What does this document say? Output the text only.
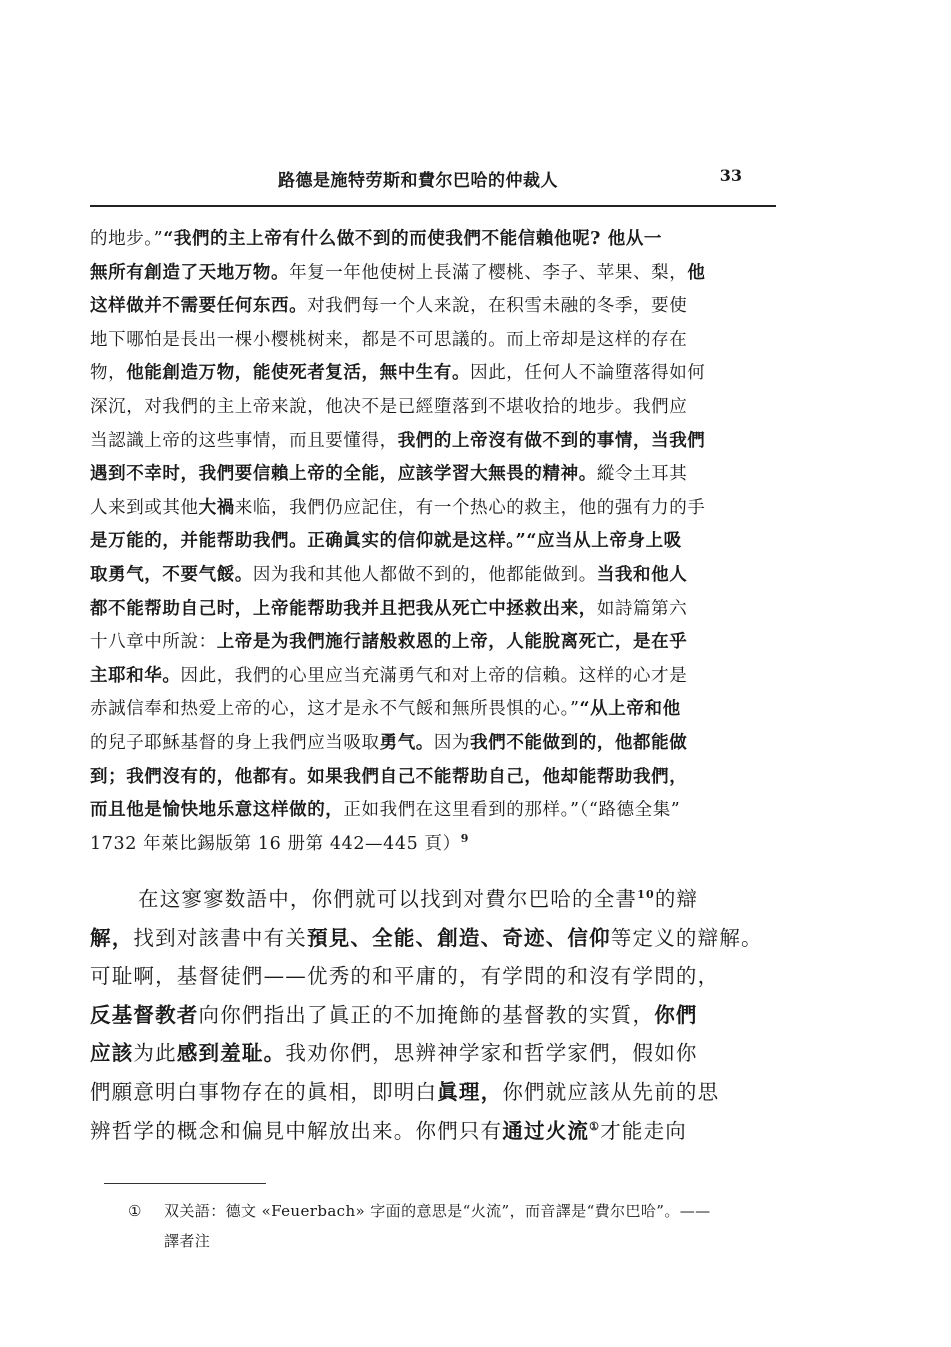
路德是施特劳斯和費尔巴哈的仲裁人	33
的地步。”“我們的主上帝有什么做不到的而使我們不能信賴他呢? 他从一
無所有創造了天地万物。年复一年他使树上長滿了樱桃、李子、苹果、梨，他
这样做并不需要任何东西。对我們每一个人来說，在积雪未融的冬季，要使
地下哪怕是長出一棵小樱桃树来，都是不可思議的。而上帝却是这样的存在
物，他能創造万物，能使死者复活，無中生有。因此，任何人不論墮落得如何
深沉，对我們的主上帝来說，他决不是已經墮落到不堪收拾的地步。我們应
当認識上帝的这些事情，而且要懂得，我們的上帝沒有做不到的事情，当我們
遇到不幸时，我們要信賴上帝的全能，应該学習大無畏的精神。縱令土耳其
人来到或其他大禍来临，我們仍应記住，有一个热心的救主，他的强有力的手
是万能的，并能帮助我們。正确眞实的信仰就是这样。”“应当从上帝身上吸
取勇气，不要气餒。因为我和其他人都做不到的，他都能做到。当我和他人
都不能帮助自己时，上帝能帮助我并且把我从死亡中拯救出来，如詩篇第六
十八章中所說：上帝是为我們施行諸般救恩的上帝，人能脫离死亡，是在乎
主耶和华。因此，我們的心里应当充滿勇气和对上帝的信賴。这样的心才是
赤誠信奉和热爱上帝的心，这才是永不气餒和無所畏惧的心。”“从上帝和他
的兒子耶穌基督的身上我們应当吸取勇气。因为我們不能做到的，他都能做
到；我們沒有的，他都有。如果我們自己不能帮助自己，他却能帮助我們，
而且他是愉快地乐意这样做的，正如我們在这里看到的那样。”（“路德全集”
1732 年萊比錫版第 16 册第 442—445 頁）$^9$
在这寥寥数語中，你們就可以找到对費尔巴哈的全書$^{10}$的辯
解，找到对該書中有关預見、全能、創造、奇迹、信仰等定义的辯解。
可耻啊，基督徒們——优秀的和平庸的，有学問的和沒有学問的，
反基督教者向你們指出了眞正的不加掩飾的基督教的实質，你們
应該为此感到羞耻。我劝你們，思辨神学家和哲学家們，假如你
們願意明白事物存在的眞相，即明白眞理，你們就应該从先前的思
辨哲学的概念和偏見中解放出来。你們只有通过火流①才能走向
① 双关語：德文 «Feuerbach» 字面的意思是“火流”，而音譯是“費尔巴哈”。——
譯者注
